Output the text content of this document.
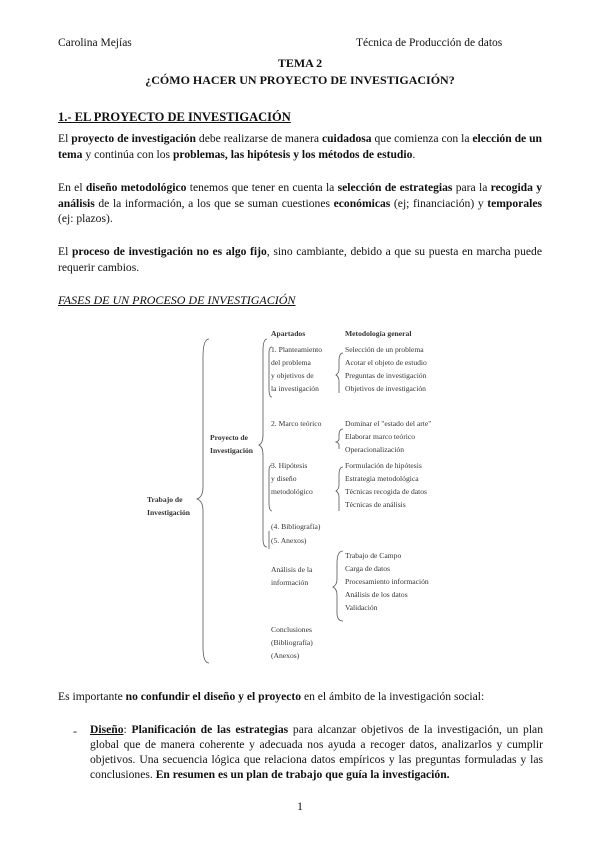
Carolina Mejías	Técnica de Producción de datos
TEMA 2
¿CÓMO HACER UN PROYECTO DE INVESTIGACIÓN?
1.- EL PROYECTO DE INVESTIGACIÓN
El proyecto de investigación debe realizarse de manera cuidadosa que comienza con la elección de un tema y continúa con los problemas, las hipótesis y los métodos de estudio.
En el diseño metodológico tenemos que tener en cuenta la selección de estrategias para la recogida y análisis de la información, a los que se suman cuestiones económicas (ej; financiación) y temporales (ej: plazos).
El proceso de investigación no es algo fijo, sino cambiante, debido a que su puesta en marcha puede requerir cambios.
FASES DE UN PROCESO DE INVESTIGACIÓN
Apartados	Metodología general
Trabajo de
Investigación
Proyecto de
Investigación
1. Planteamiento
del problema
y objetivos de
la investigación
2. Marco teórico
3. Hipótesis
y diseño
metodológico
(4. Bibliografía)
(5. Anexos)
Análisis de la
información
Conclusiones
(Bibliografía)
(Anexos)
Selección de un problema
Acotar el objeto de estudio
Preguntas de investigación
Objetivos de investigación
Dominar el "estado del arte"
Elaborar marco teórico
Operacionalización
Formulación de hipótesis
Estrategia metodológica
Técnicas recogida de datos
Técnicas de análisis
Trabajo de Campo
Carga de datos
Procesamiento información
Análisis de los datos
Validación
Es importante no confundir el diseño y el proyecto en el ámbito de la investigación social:
- Diseño: Planificación de las estrategias para alcanzar objetivos de la investigación, un plan global que de manera coherente y adecuada nos ayuda a recoger datos, analizarlos y cumplir objetivos. Una secuencia lógica que relaciona datos empíricos y las preguntas formuladas y las conclusiones. En resumen es un plan de trabajo que guía la investigación.
1
